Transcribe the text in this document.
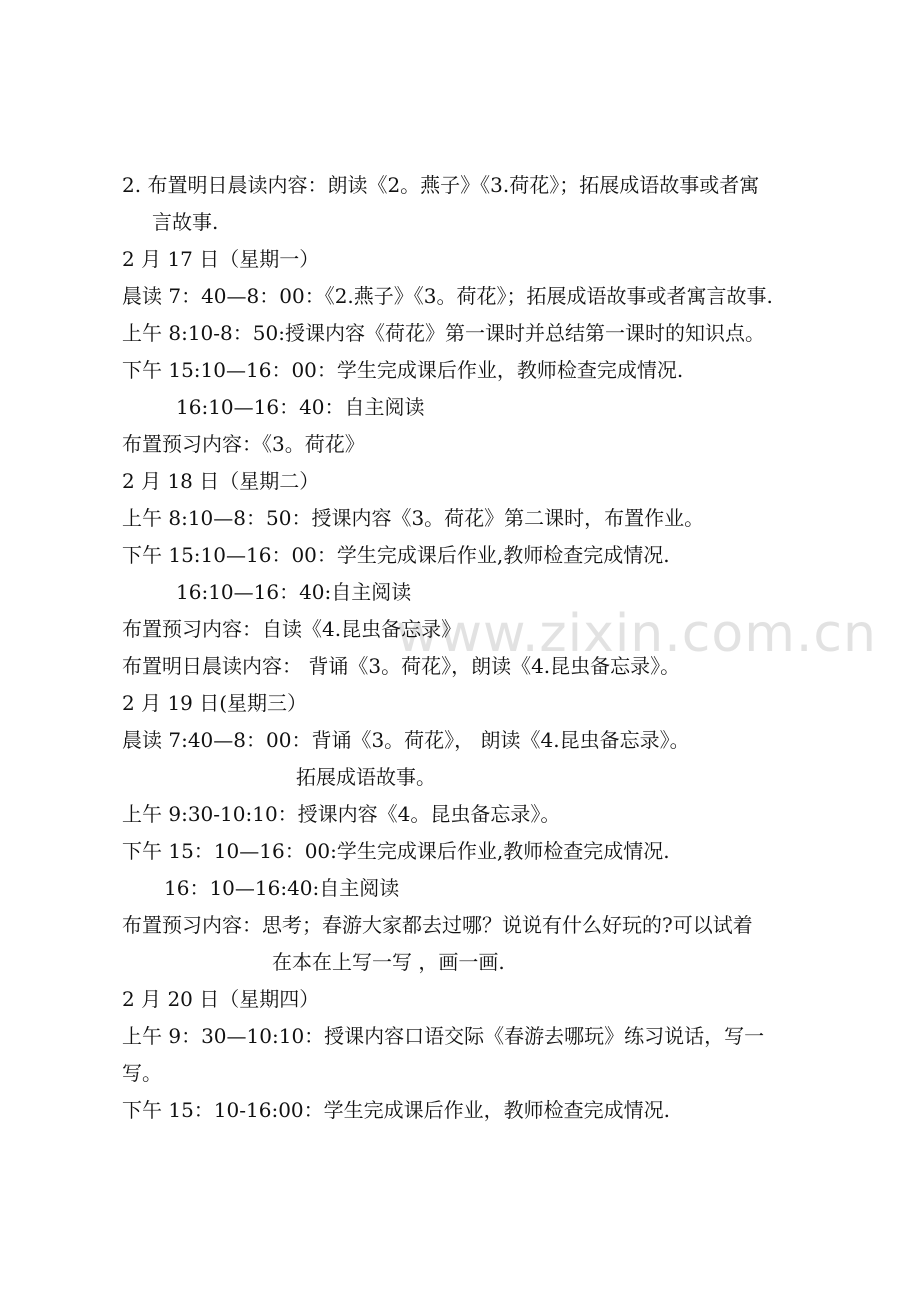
www.zixin.com.cn
2. 布置明日晨读内容：朗读《2。燕子》《3.荷花》；拓展成语故事或者寓
言故事.
2 月 17 日（星期一）
晨读 7：40—8：00：《2.燕子》《3。荷花》；拓展成语故事或者寓言故事.
上午 8:10-8：50:授课内容《荷花》第一课时并总结第一课时的知识点。
下午 15:10—16：00：学生完成课后作业，教师检查完成情况.
16:10—16：40：自主阅读
布置预习内容：《3。荷花》
2 月 18 日（星期二）
上午 8:10—8：50：授课内容《3。荷花》第二课时，布置作业。
下午 15:10—16：00：学生完成课后作业,教师检查完成情况.
16:10—16：40:自主阅读
布置预习内容：自读《4.昆虫备忘录》
布置明日晨读内容： 背诵《3。荷花》，朗读《4.昆虫备忘录》。
2 月 19 日(星期三）
晨读 7:40—8：00：背诵《3。荷花》， 朗读《4.昆虫备忘录》。
拓展成语故事。
上午 9:30-10:10：授课内容《4。昆虫备忘录》。
下午 15：10—16：00:学生完成课后作业,教师检查完成情况.
16：10—16:40:自主阅读
布置预习内容：思考；春游大家都去过哪？说说有什么好玩的?可以试着
在本在上写一写 ，画一画.
2 月 20 日（星期四）
上午 9：30—10:10：授课内容口语交际《春游去哪玩》练习说话，写一
写。
下午 15：10-16:00：学生完成课后作业，教师检查完成情况.
